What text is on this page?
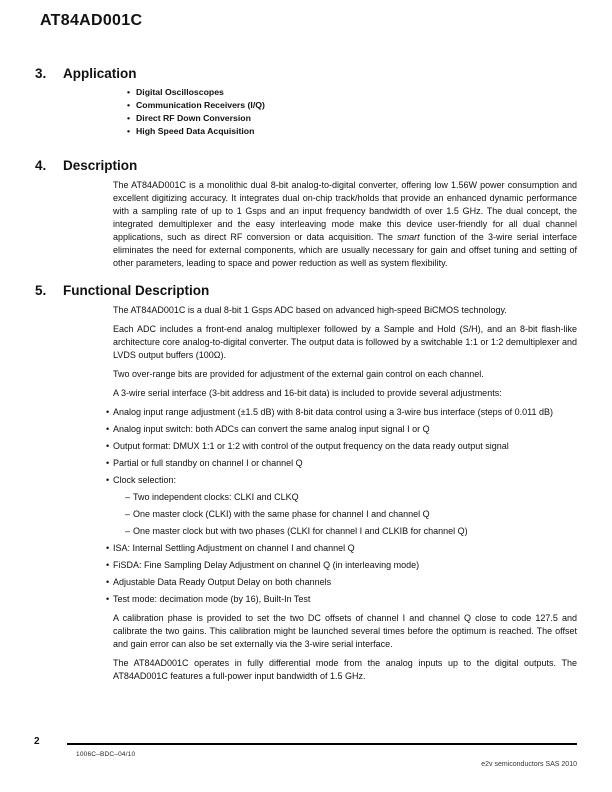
AT84AD001C
3.	Application
• Digital Oscilloscopes
• Communication Receivers (I/Q)
• Direct RF Down Conversion
• High Speed Data Acquisition
4.	Description

The AT84AD001C is a monolithic dual 8-bit analog-to-digital converter, offering low 1.56W power consumption and excellent digitizing accuracy. It integrates dual on-chip track/holds that provide an enhanced dynamic performance with a sampling rate of up to 1 Gsps and an input frequency bandwidth of over 1.5 GHz. The dual concept, the integrated demultiplexer and the easy interleaving mode make this device user-friendly for all dual channel applications, such as direct RF conversion or data acquisition. The smart function of the 3-wire serial interface eliminates the need for external components, which are usually necessary for gain and offset tuning and setting of other parameters, leading to space and power reduction as well as system flexibility.

5.	Functional Description

The AT84AD001C is a dual 8-bit 1 Gsps ADC based on advanced high-speed BiCMOS technology.

Each ADC includes a front-end analog multiplexer followed by a Sample and Hold (S/H), and an 8-bit flash-like architecture core analog-to-digital converter. The output data is followed by a switchable 1:1 or 1:2 demultiplexer and LVDS output buffers (100Ω).

Two over-range bits are provided for adjustment of the external gain control on each channel.

A 3-wire serial interface (3-bit address and 16-bit data) is included to provide several adjustments:

• Analog input range adjustment (±1.5 dB) with 8-bit data control using a 3-wire bus interface (steps of 0.011 dB)
• Analog input switch: both ADCs can convert the same analog input signal I or Q
• Output format: DMUX 1:1 or 1:2 with control of the output frequency on the data ready output signal
• Partial or full standby on channel I or channel Q
• Clock selection:
– Two independent clocks: CLKI and CLKQ
– One master clock (CLKI) with the same phase for channel I and channel Q
– One master clock but with two phases (CLKI for channel I and CLKIB for channel Q)
• ISA: Internal Settling Adjustment on channel I and channel Q
• FiSDA: Fine Sampling Delay Adjustment on channel Q (in interleaving mode)
• Adjustable Data Ready Output Delay on both channels
• Test mode: decimation mode (by 16), Built-In Test

A calibration phase is provided to set the two DC offsets of channel I and channel Q close to code 127.5 and calibrate the two gains. This calibration might be launched several times before the optimum is reached. The offset and gain error can also be set externally via the 3-wire serial interface.

The AT84AD001C operates in fully differential mode from the analog inputs up to the digital outputs. The AT84AD001C features a full-power input bandwidth of 1.5 GHz.

2
1006C–BDC–04/10
e2v semiconductors SAS 2010
